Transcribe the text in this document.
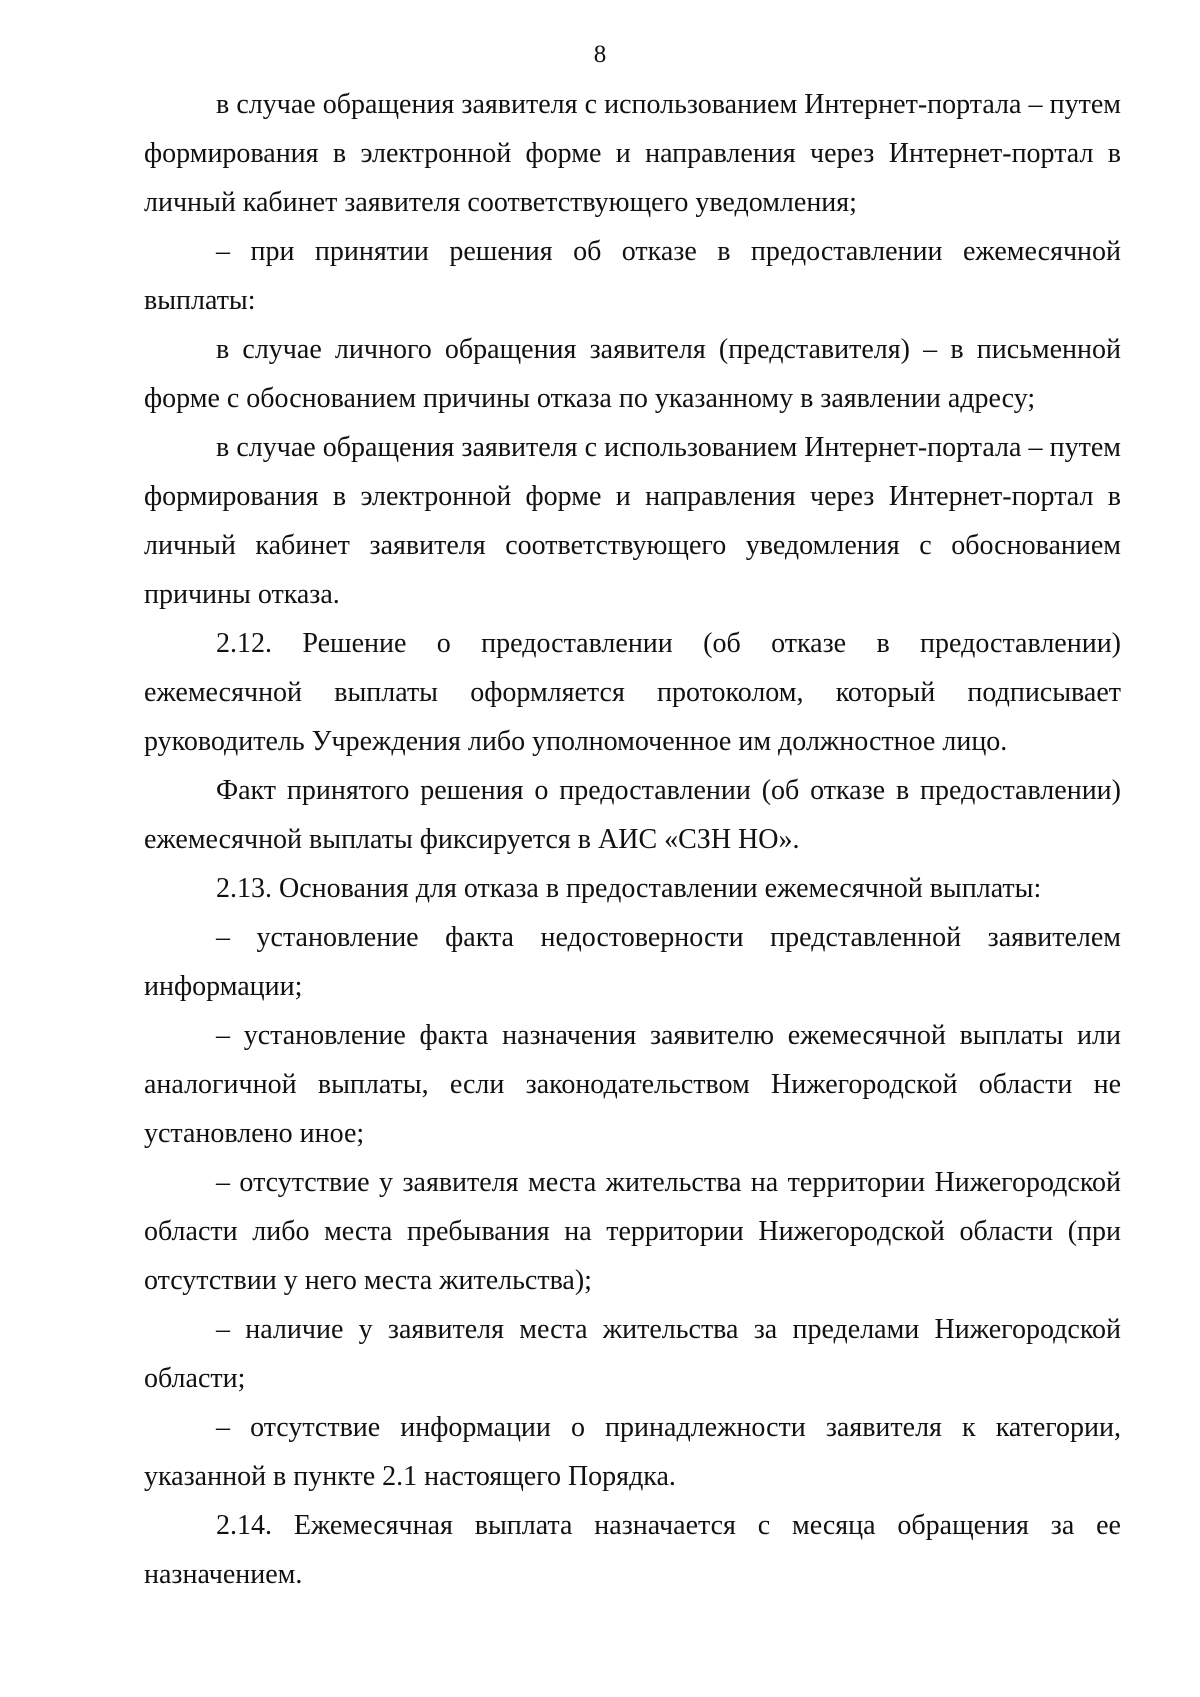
8

в случае обращения заявителя с использованием Интернет-портала – путем формирования в электронной форме и направления через Интернет-портал в личный кабинет заявителя соответствующего уведомления;

– при принятии решения об отказе в предоставлении ежемесячной выплаты:

в случае личного обращения заявителя (представителя) – в письменной форме с обоснованием причины отказа по указанному в заявлении адресу;

в случае обращения заявителя с использованием Интернет-портала – путем формирования в электронной форме и направления через Интернет-портал в личный кабинет заявителя соответствующего уведомления с обоснованием причины отказа.

2.12. Решение о предоставлении (об отказе в предоставлении) ежемесячной выплаты оформляется протоколом, который подписывает руководитель Учреждения либо уполномоченное им должностное лицо.

Факт принятого решения о предоставлении (об отказе в предоставлении) ежемесячной выплаты фиксируется в АИС «СЗН НО».

2.13. Основания для отказа в предоставлении ежемесячной выплаты:

– установление факта недостоверности представленной заявителем информации;

– установление факта назначения заявителю ежемесячной выплаты или аналогичной выплаты, если законодательством Нижегородской области не установлено иное;

– отсутствие у заявителя места жительства на территории Нижегородской области либо места пребывания на территории Нижегородской области (при отсутствии у него места жительства);

– наличие у заявителя места жительства за пределами Нижегородской области;

– отсутствие информации о принадлежности заявителя к категории, указанной в пункте 2.1 настоящего Порядка.

2.14. Ежемесячная выплата назначается с месяца обращения за ее назначением.
